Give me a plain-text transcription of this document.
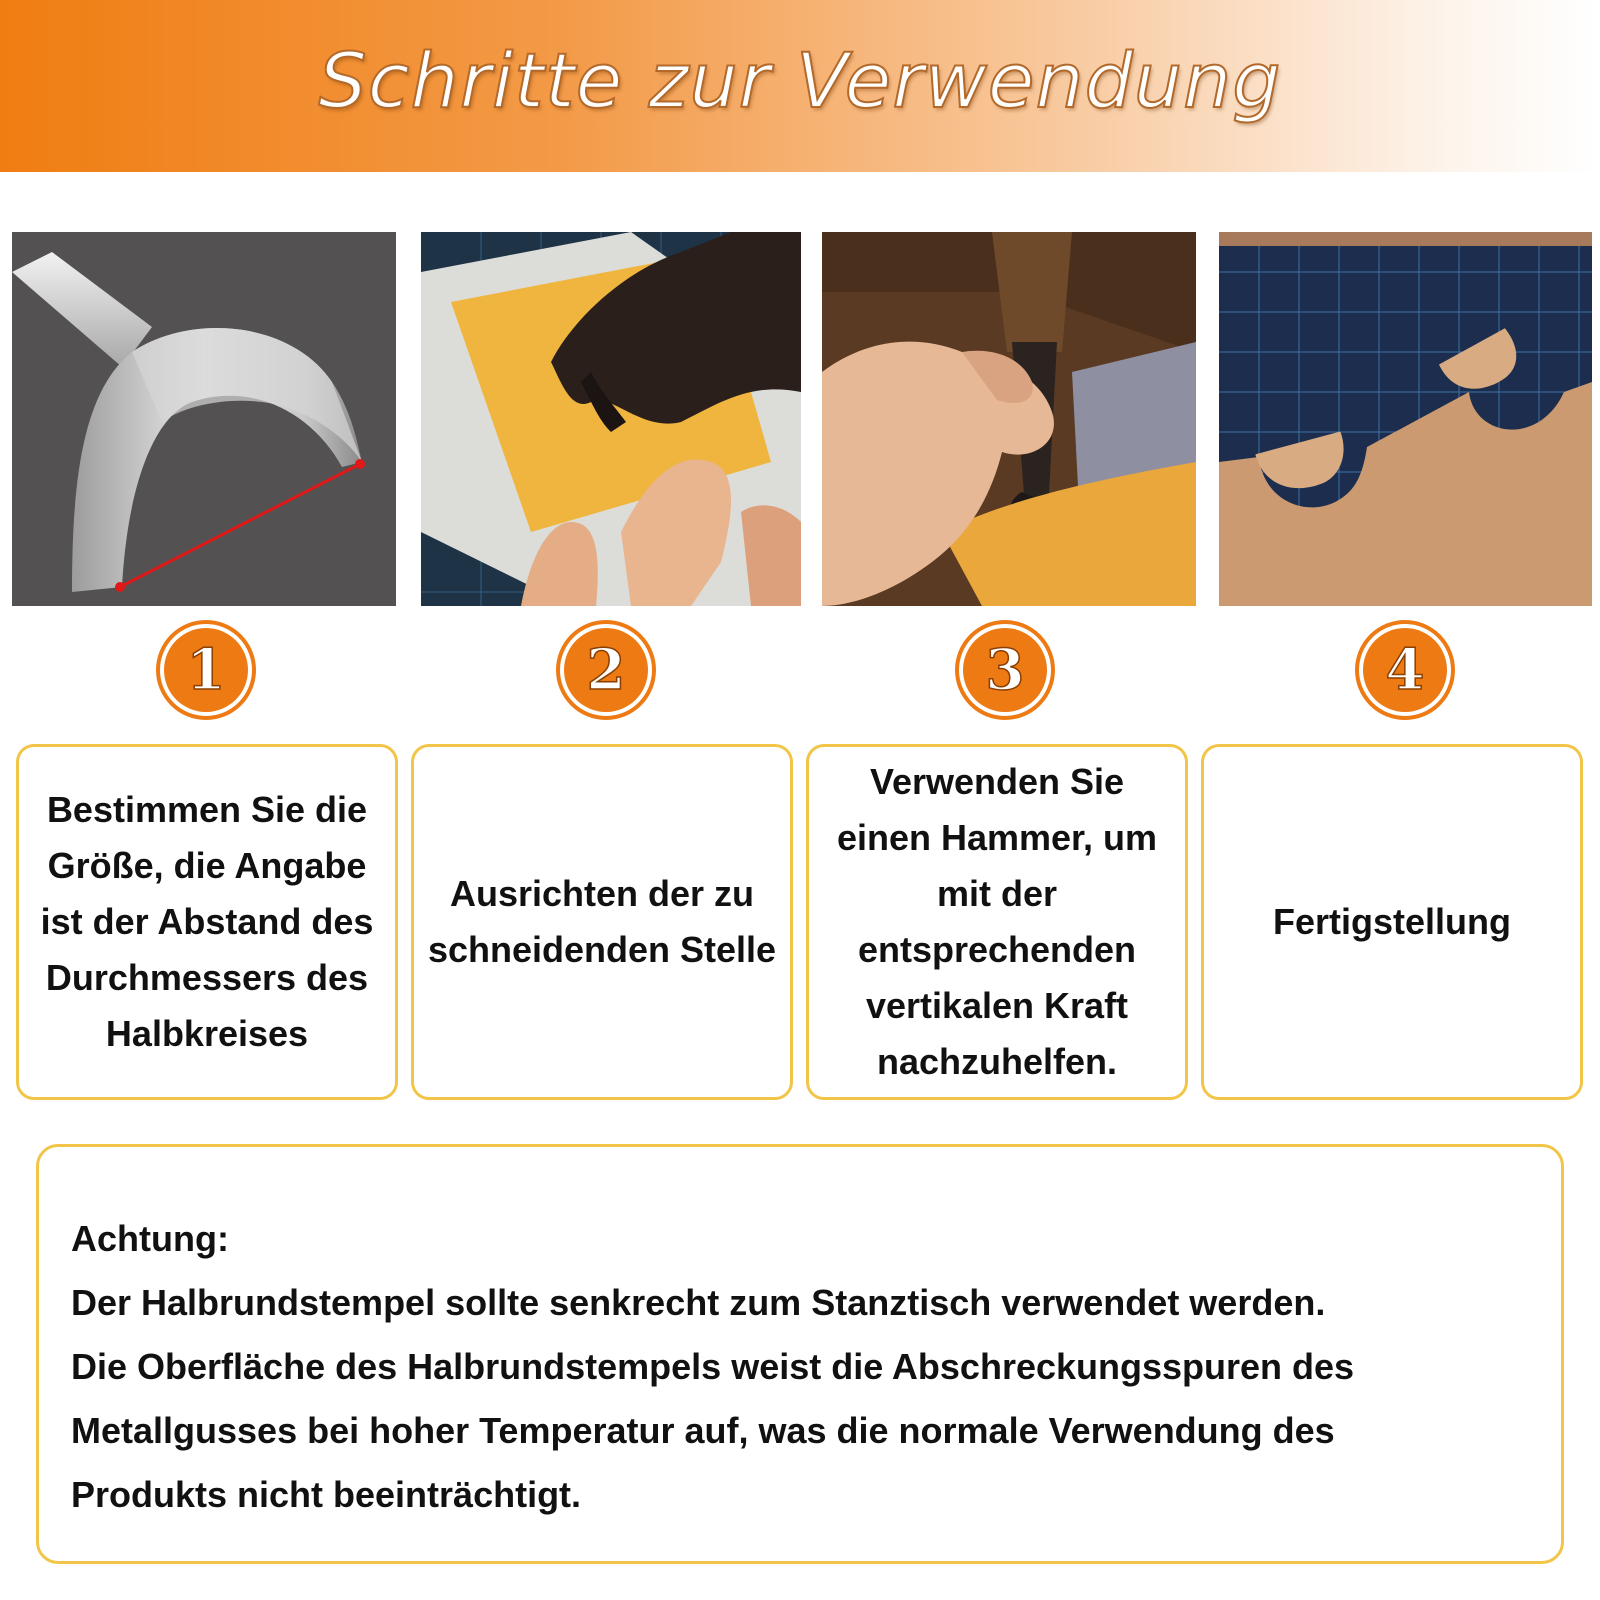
Schritte zur Verwendung
1	2	3	4
Bestimmen Sie die Größe, die Angabe ist der Abstand des Durchmessers des Halbkreises
Ausrichten der zu schneidenden Stelle
Verwenden Sie einen Hammer, um mit der entsprechenden vertikalen Kraft nachzuhelfen.
Fertigstellung
Achtung:
Der Halbrundstempel sollte senkrecht zum Stanztisch verwendet werden.
Die Oberfläche des Halbrundstempels weist die Abschreckungsspuren des
Metallgusses bei hoher Temperatur auf, was die normale Verwendung des
Produkts nicht beeinträchtigt.
